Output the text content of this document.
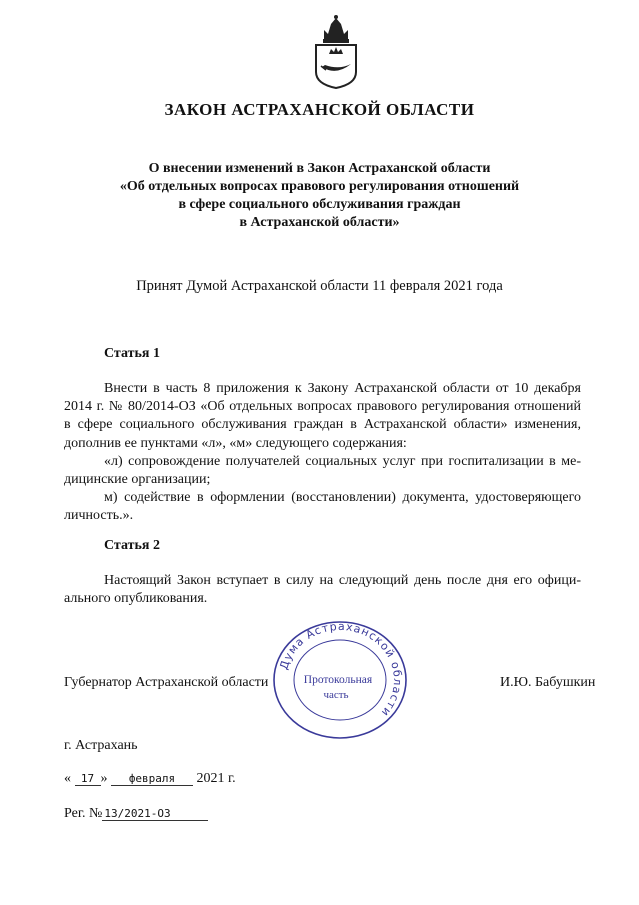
ЗАКОН АСТРАХАНСКОЙ ОБЛАСТИ
О внесении изменений в Закон Астраханской области
«Об отдельных вопросах правового регулирования отношений
в сфере социального обслуживания граждан
в Астраханской области»
Принят Думой Астраханской области 11 февраля 2021 года
Статья 1
Внести в часть 8 приложения к Закону Астраханской области от 10 декабря
2014 г. № 80/2014-ОЗ «Об отдельных вопросах правового регулирования отношений
в сфере социального обслуживания граждан в Астраханской области» изменения,
дополнив ее пунктами «л», «м» следующего содержания:
«л) сопровождение получателей социальных услуг при госпитализации в ме-
дицинские организации;
м) содействие в оформлении (восстановлении) документа, удостоверяющего
личность.».
Статья 2
Настоящий Закон вступает в силу на следующий день после дня его офици-
ального опубликования.
Дума Астраханской области
Протокольная
часть
Губернатор Астраханской области	И.Ю. Бабушкин
г. Астрахань
« 17 » февраля 2021 г.
Рег. № 13/2021-ОЗ
